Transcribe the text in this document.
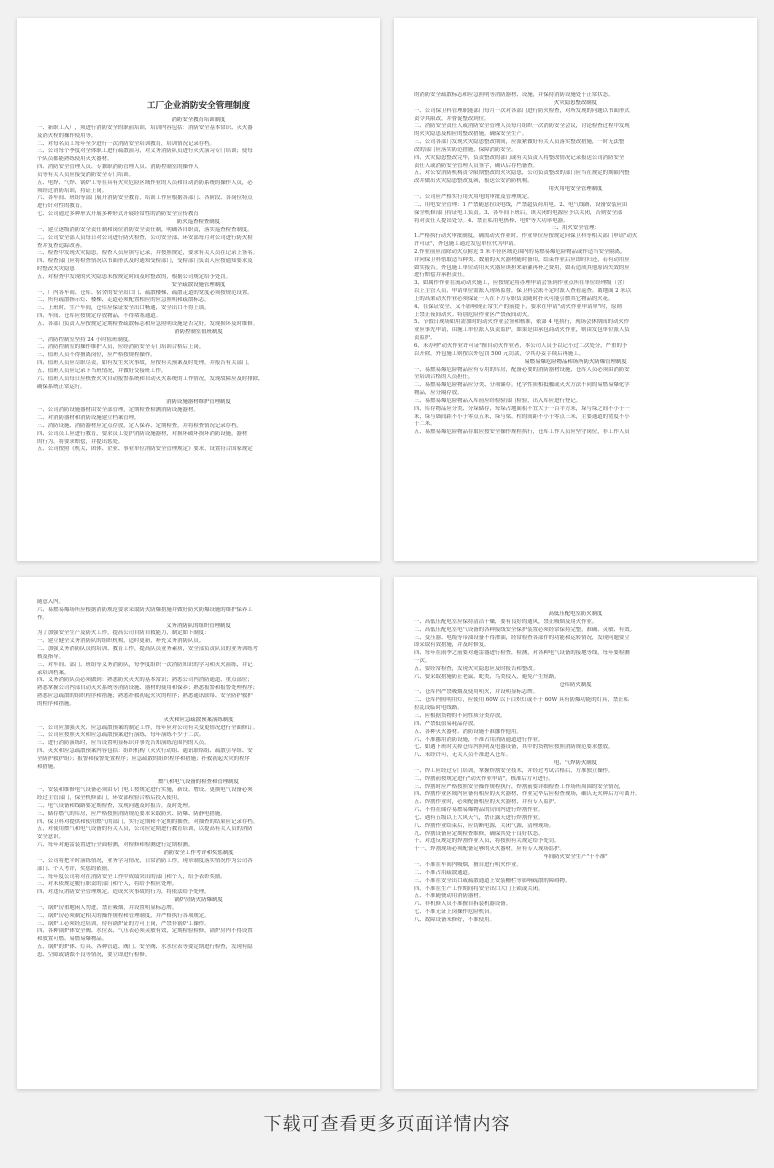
工厂企业消防安全管理制度
消防安全教育培训制度
一、新职工入厂，须进行消防安全的职前培训，培训内容包括：消防安全基本常识、灭火器
及消火栓的操作使用等。
二、对每名员工每年至少进行一次消防安全培训教育，培训情况记录存档。
三、公司每个季度对全体职工进行疏散演习，对义务消防队员进行灭火演习专门培训；使每
个队员都能熟练使用灭火器材。
四、消防安全管理人员、专兼职消防管理人员、消防控制室的操作人
员等有关人员应接受消防安全专门培训。
五、电焊、气焊、锅炉工等在具有火灾危险区域作业的人员和自动消防系统的操作人员，必
须经过消防培训，持证上岗。
六、各车间、班组等部门展开消防安全教育，培训工作应根据各部门、各阶段、各岗位特点
进行针对性的教育。
七、公司通过多种形式开展多种形式开展经常性的消防安全宣传教育
防火巡查检查制度
一、建立逐级消防安全责任制和岗位消防安全责任制，明确各自职责，落实巡查检查制度。
二、公司安全部人员每日对公司进行防火检查，公司安全部、环安部每月对公司进行防火检
查并复查追踪改善。
三、检查中发现火灾隐患，检查人员应填写记录，并按照规定，要求有关人员在记录上签名。
四、检查部门应将检查情况以书面形式及时通知受检部门，受检部门负责人应按通知要求及
时整改火灾隐患
五、对检查中发现的火灾隐患未按规定时间及时整改的，根据公司规定给予处罚。
安全疏散设施管理制度
一、厂内各车间、仓库、宿舍的安全出口门、疏散楼梯、疏散走道的宽度必须按规范设置。
二、所有疏散指示灯、楼梯，走道必须配置相应的应急照明和疏散标志。
三、上班时，生产车间，仓库应保证安全出口畅通，安全出口不得上锁。
四、车间、仓库应按规定存放物品，不得堵塞通道。
五、各部门负责人应按规定定期检查疏散标志和应急照明设施是否完好，发现损坏及时维修。
消防控制室值班制度
一、消防控制室坚持 24 小时值班制度。
二、消防控制室的操作维护人员，应经消防安全专门培训合格后上岗。
三、值班人员不得擅离岗位，应严格按规程操作。
四、值班人员应尽职尽责，如有发生火灾事故，应按有关预案及时处理，并报告有关部门。
五、值班人员应记录下当班情况，并做好交接班工作。
六、值班人员每日应核查火灾自动报警系统和自动灭火系统的工作情况，发现故障应及时排除，
确保系统正常运行。
消防设施器材维护管理制度
一、公司消防设施器材由安全部管理，定期检查检测消防设施器材。
二、对消防器材和消防设施建立档案管理。
三、消防设施、消防器材应定点存放，定人保养、定期检查，并将检查情况记录存档。
四、公司员工应进行教育，要求员工爱护消防设施器材，对损坏破坏损坏消防设施，器材
的行为，将要求赔偿，并提出惩处。
五、公司按照《机关、团体、企业、事业单位消防安全管理规定》要求，设置符合国家规定
的消防安全疏散标志和应急照明等消防器材、设施，并保持消防设施处于正常状态。
火灾隐患整改制度
一、公司保卫科管理职能部门每月一次对各部门进行防火检查，对所发现的问题以书面形式
责令其限改，并督促整改到位。
二、消防安全责任人或消防安全管理人员每月组织一次消防安全会议，讨论检查过程中发现
的火灾隐患及相应的整改措施，确保安全生产。
三、公司各部门发现火灾隐患整改期间，应派紧做好有关人员落实整改措施，一时无法整
改的部门应落实防范措施，保障消防安全。
四、火灾隐患整改完毕，负责整改的部门或有关负责人将整改情况记录报送公司消防安全
责任人或消防安全管理人员签字，确认后存档备查。
五、对公安消防机构责令限期整改的火灾隐患，公司负责整改的部门应当在规定的期限内整
改并做出火灾隐患整改复函，报送公安消防机构。
用火用电安全管理制度
一、公司应严格实行用火用电的审批及管理规定。
二、用电安全管理：1 严禁随意拉设电线，严禁超负荷用电。2、电气线路，设备安装应由
保全机修部门持证电工负责。3、各车间下班后，该关闭的电源应予以关闭，否则安全部
将对责任人提出处分。4、禁止私用电热棒、电炉等大功率电器。
三、用火安全管理：
1.严格执行动火审批制度，确需动火作业时，作业单位应按规定向保卫科等相关部门申请"动火
许可证"，外包施工通过发包单位代为申请。
2.作业前应清除动火点附近 5 米半径区域范围内的易燃易爆危险物品或作适当安全隔离，
并向保卫科借取适当种类、数量的灭火器材随时备用，结束作业后应即时归还，若有动用应
如实报告。外包施工单位动用灭火器应该担来新灌再补之费用，如若造成其他原因失效的应
进行赔偿并承担责任。
3、如属作作业在流动动火施工，应按规定将办理申请会签到作业点所在单位经理级（含）
以上主管人员，申请单位需派人现场监督，保卫科会派不定时派人查看巡查。离地面 2 米以
上的高架动火作业必须保证一人在下方专职负责随时扑灭可能引燃其它物品的火花。
4、在保证安全、又不影响现正常生产的前提下，要求在申请"动火作业申请单"时，原则
上禁止夜间动火。特别危险作业区严禁夜间动火。
5、节假日现场如用需加时的动火作业会签和核准，依第 4 电执行，现场会休期间的动火作
业应事先申请，由施工单位派人负责监护，如果是由承包商动火作业，则由发包单位派人负
责监护。
6、未办理"动火作业许可证"擅自动火作业者，本公司人员予以记小过二次处分，严重的予
以开除。外包施工则按以外包罚 500 元罚款，令其办妥手续后再施工。
易燃易爆危险物品和场所防火防爆管理制度
一、易燃易爆危险物品应有专用的库房，配备必要的消防器材设施，仓库人员必须由消防安
全培训合格的人员担任。
二、易燃易爆危险物品应分类、分项储存。化学性质相抵触或灭火方法不同的易燃易爆化学
物品，应分隔存放。
三、易燃易爆危险物品入库前应经检验部门检验，出入库应进行登记。
四、库存物品应分类、分垛储存，每垛占地面积不宜大于一百平方米，垛与垛之间不小于一
米，垛与墙间距不小于零点五米，垛与梁、柱的间距不小于零点三米，主要通道的宽度不小
于二米。
五、易燃易爆危险物品存取应按安全操作规程执行，仓库工作人员应坚守岗位，非工作人员
随意入内。
六、易燃易爆场所应根据消防规范要求采取防火防爆措施并做好防火防爆设施的维护保养工
作。
义务消防队的组织管理制度
为了加强安全生产及防火工作，提高公司自防自救能力，制定如下制度：
一、建立健全义务消防队的组织机构，适时更新，补充义务消防队员。
二、加强义务消防队员的培训、教育工作，提高队员业务素质，安全部负责队员的业务训练考
核及指导。
三、对车间、部门、班组等义务消防队，每季度组织一次消防知识的学习和灭火演练，并记
录培训档案。
四、义务消防队员必须做到：熟悉防火灭火的基本常识；熟悉公司内消防通道、重点部位；
熟悉掌握公司内部自动灭火系统等消防设施、器材的使用和保养；熟悉报警和报警处理程序；
熟悉应急疏散的组织程序和措施；熟悉扑救初起火灾的程序；熟悉通讯联络、安全防护救护
的程序和措施。
灭火和应急疏散预案演练制度
一、公司应加强灭火、应急疏散预案的制定工作，每年应对公司有关变更情况进行全面修订。
二、公司应按照灭火和应急疏散预案进行演练，每年演练不少于二次。
三、进行消防演练时，应当设置明显标识并事先告知演练范围内的人员。
四、灭火和应急疏散预案内容包括：组织机构（灭火行动组、通讯联络组、疏散引导组、安
全防护救护组）；报警和接警处置程序；应急疏散的组织程序和措施；扑救初起火灾的程序
和措施。
燃气和电气设备的检查和管理制度
一、安装和维修电气设备必须由专门电工按规定进行实施，新设、增设、更换电气设备必须
经过主管部门，保全机修部门，环安部检验合格后投入使用。
二、电气设备和线路要定期检查，发现问题及时报告，及时处理。
三、储存燃气的库房，应严格按照消防规范要求采取防火、防爆、防静电措施。
四、保卫科对提供和使用燃气的部门，实行定期和不定期的抽查，对抽查的结果应记录存档。
五、对使用燃气和电气设备的有关人员，公司应定期进行教育培训，以提高有关人员的消防
安全意识。
六、每年对避雷装置进行全面检测，对检修和检测进行定期检测。
消防安全工作考评和奖惩制度
一、公司将把平时演练情况，业务学习情况，日常消防工作，现章制度落实情况作为公司各
部门、个人考评，奖惩的依据。
二、每年度公司将对在消防安全工作中成绩突出的部门和个人，给予表彰奖励。
三、对未依规定履行职责的部门和个人，将给予相应处理。
四、对违反消防安全管理规定，造成火灾事故的行为，将依法给予处理。
锅炉房防火防爆制度
一、锅炉房重地闲人勿进，禁止吸烟，并设置明显标志牌。
二、锅炉房必须制定相关的操作规程和管理制度，并严格执行各项规定。
三、锅炉工必须经过培训，持有锅炉证的方可上岗，严禁非锅炉工操作。
四、各种锅炉体安全阀、水位表、气压表必须灵敏有效，定期检验检修，锅炉房内不得设置
和放置可燃、易燃易爆物品。
五、锅炉的炉体、灯具、各种管道、阀门、安全阀、水水位表等要定期进行检查，发现有隐
患、空隙或锈蚀不良等情况，要立即进行检修。
高低压配电室防火制度
一、高低压配电室应保持清洁干燥，要有良好的通风，禁止吸烟及用火作业。
二、高低压配电室电气设备的各种接线安全保护装置必须经常保持完整，准确、灵敏、有效。
三、变压器、电缆等带油设备不得渗油，经常检查各部件的功能和运转情况，发现问题要立
即采取有效措施，并及时修复。
四、每年在雨季之前要对避雷器进行检查，检测，对各种电气设备的接地等线，每年要检测
一次。
五、要经常检查，发现火灾隐患应及时报告和整改。
六、要采取措施防止老鼠、蛇类、鸟类侵入，避免产生短路。
仓库防火制度
一、仓库内严禁吸烟及使用明火，并设明显标志牌。
二、仓库内照明用灯，应使用 60W 以下白炽灯或不于 60W 具有防爆功能的灯具，禁止私
拉乱设临时电线路。
三、应根据货物的不同性质分类存放。
四、严禁低值易耗品存放。
五、各种灭火器材、消防设施不准挪作他用。
六、不准挪用消防设施，不准占用消防通道进行作业。
七、如遇下班时关掉仓库内照明及电器设备，其中的货物应按照消防规范要求摆放，
八、未经许可，无关人员不准进入仓库。
电、气焊防火制度
一、焊工应经过专门培训，掌握焊割安全技术，并经过考试合格后，方准独立操作。
二、焊割前按规定进行"动火作业申请"，核准后方可进行。
三、焊割时应严格按照安全操作规程执行，焊割前要详细检查工作场所周围的安全情况，
四、焊割作业区域内应备有相应的灭火器材，作业完毕后应检查现场，确认无火种后方可离开。
五、焊割作业时，必须配备相应的灭火器材，并有专人监护。
六、不得在储存易燃易爆物品的房间内进行焊割作业。
七、遇有五级以上大风天气，禁止露天进行焊割作业。
八、焊割作业结束后，应切断电源，关闭气源，清理现场。
九、焊割设备应定期检查维修，确保其处于良好状态。
十、对违反规定的焊割作业人员，将按照有关规定给予处罚。
十一、焊割现场必须配备足够的灭火器材，应有专人现场监护。
车间防火安全生产"十不准"
一、不准在车间内吸烟，擅自进行明火作业。
二、不准占用疏散通道。
三、不准在安全出口或疏散通道上安装栅栏等影响疏散的障碍物。
四、不准在生产工作期间将安全出口大门上锁或关闭。
五、不准随便动用消防器材。
六、非机修人员不准擅自拆装机器设备。
七、不准无证上岗操作危险机台。
八、故障设备未修好，不准使用。
下载可查看更多页面详情内容
